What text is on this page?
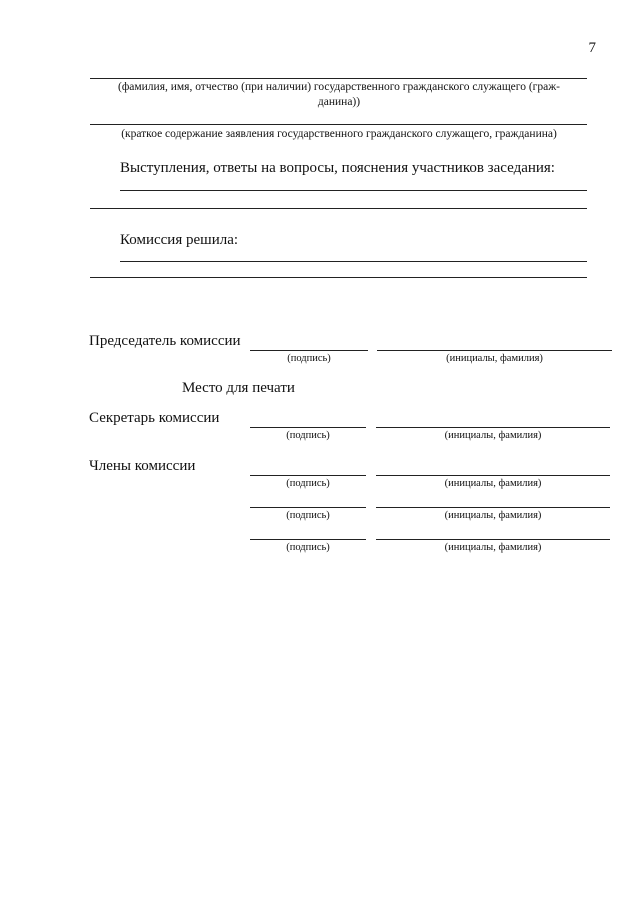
7
(фамилия, имя, отчество (при наличии) государственного гражданского служащего (граж-
данина))
(краткое содержание заявления государственного гражданского служащего, гражданина)
Выступления, ответы на вопросы, пояснения участников заседания:
Комиссия решила:
Председатель комиссии
(подпись)	(инициалы, фамилия)
Место для печати
Секретарь комиссии
(подпись)	(инициалы, фамилия)
Члены комиссии
(подпись)	(инициалы, фамилия)
(подпись)	(инициалы, фамилия)
(подпись)	(инициалы, фамилия)
